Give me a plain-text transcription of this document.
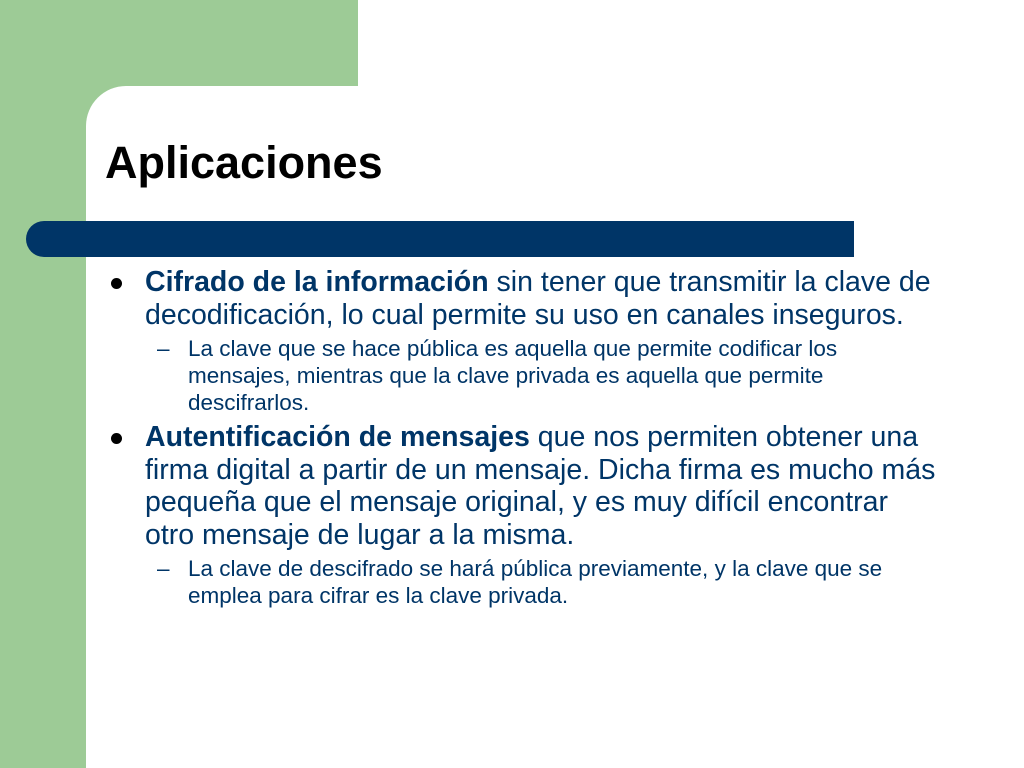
Aplicaciones
Cifrado de la información sin tener que transmitir la clave de decodificación, lo cual permite su uso en canales inseguros.
– La clave que se hace pública es aquella que permite codificar los mensajes, mientras que la clave privada es aquella que permite descifrarlos.
Autentificación de mensajes que nos permiten obtener una firma digital a partir de un mensaje. Dicha firma es mucho más pequeña que el mensaje original, y es muy difícil encontrar otro mensaje de lugar a la misma.
– La clave de descifrado se hará pública previamente, y la clave que se emplea para cifrar es la clave privada.
